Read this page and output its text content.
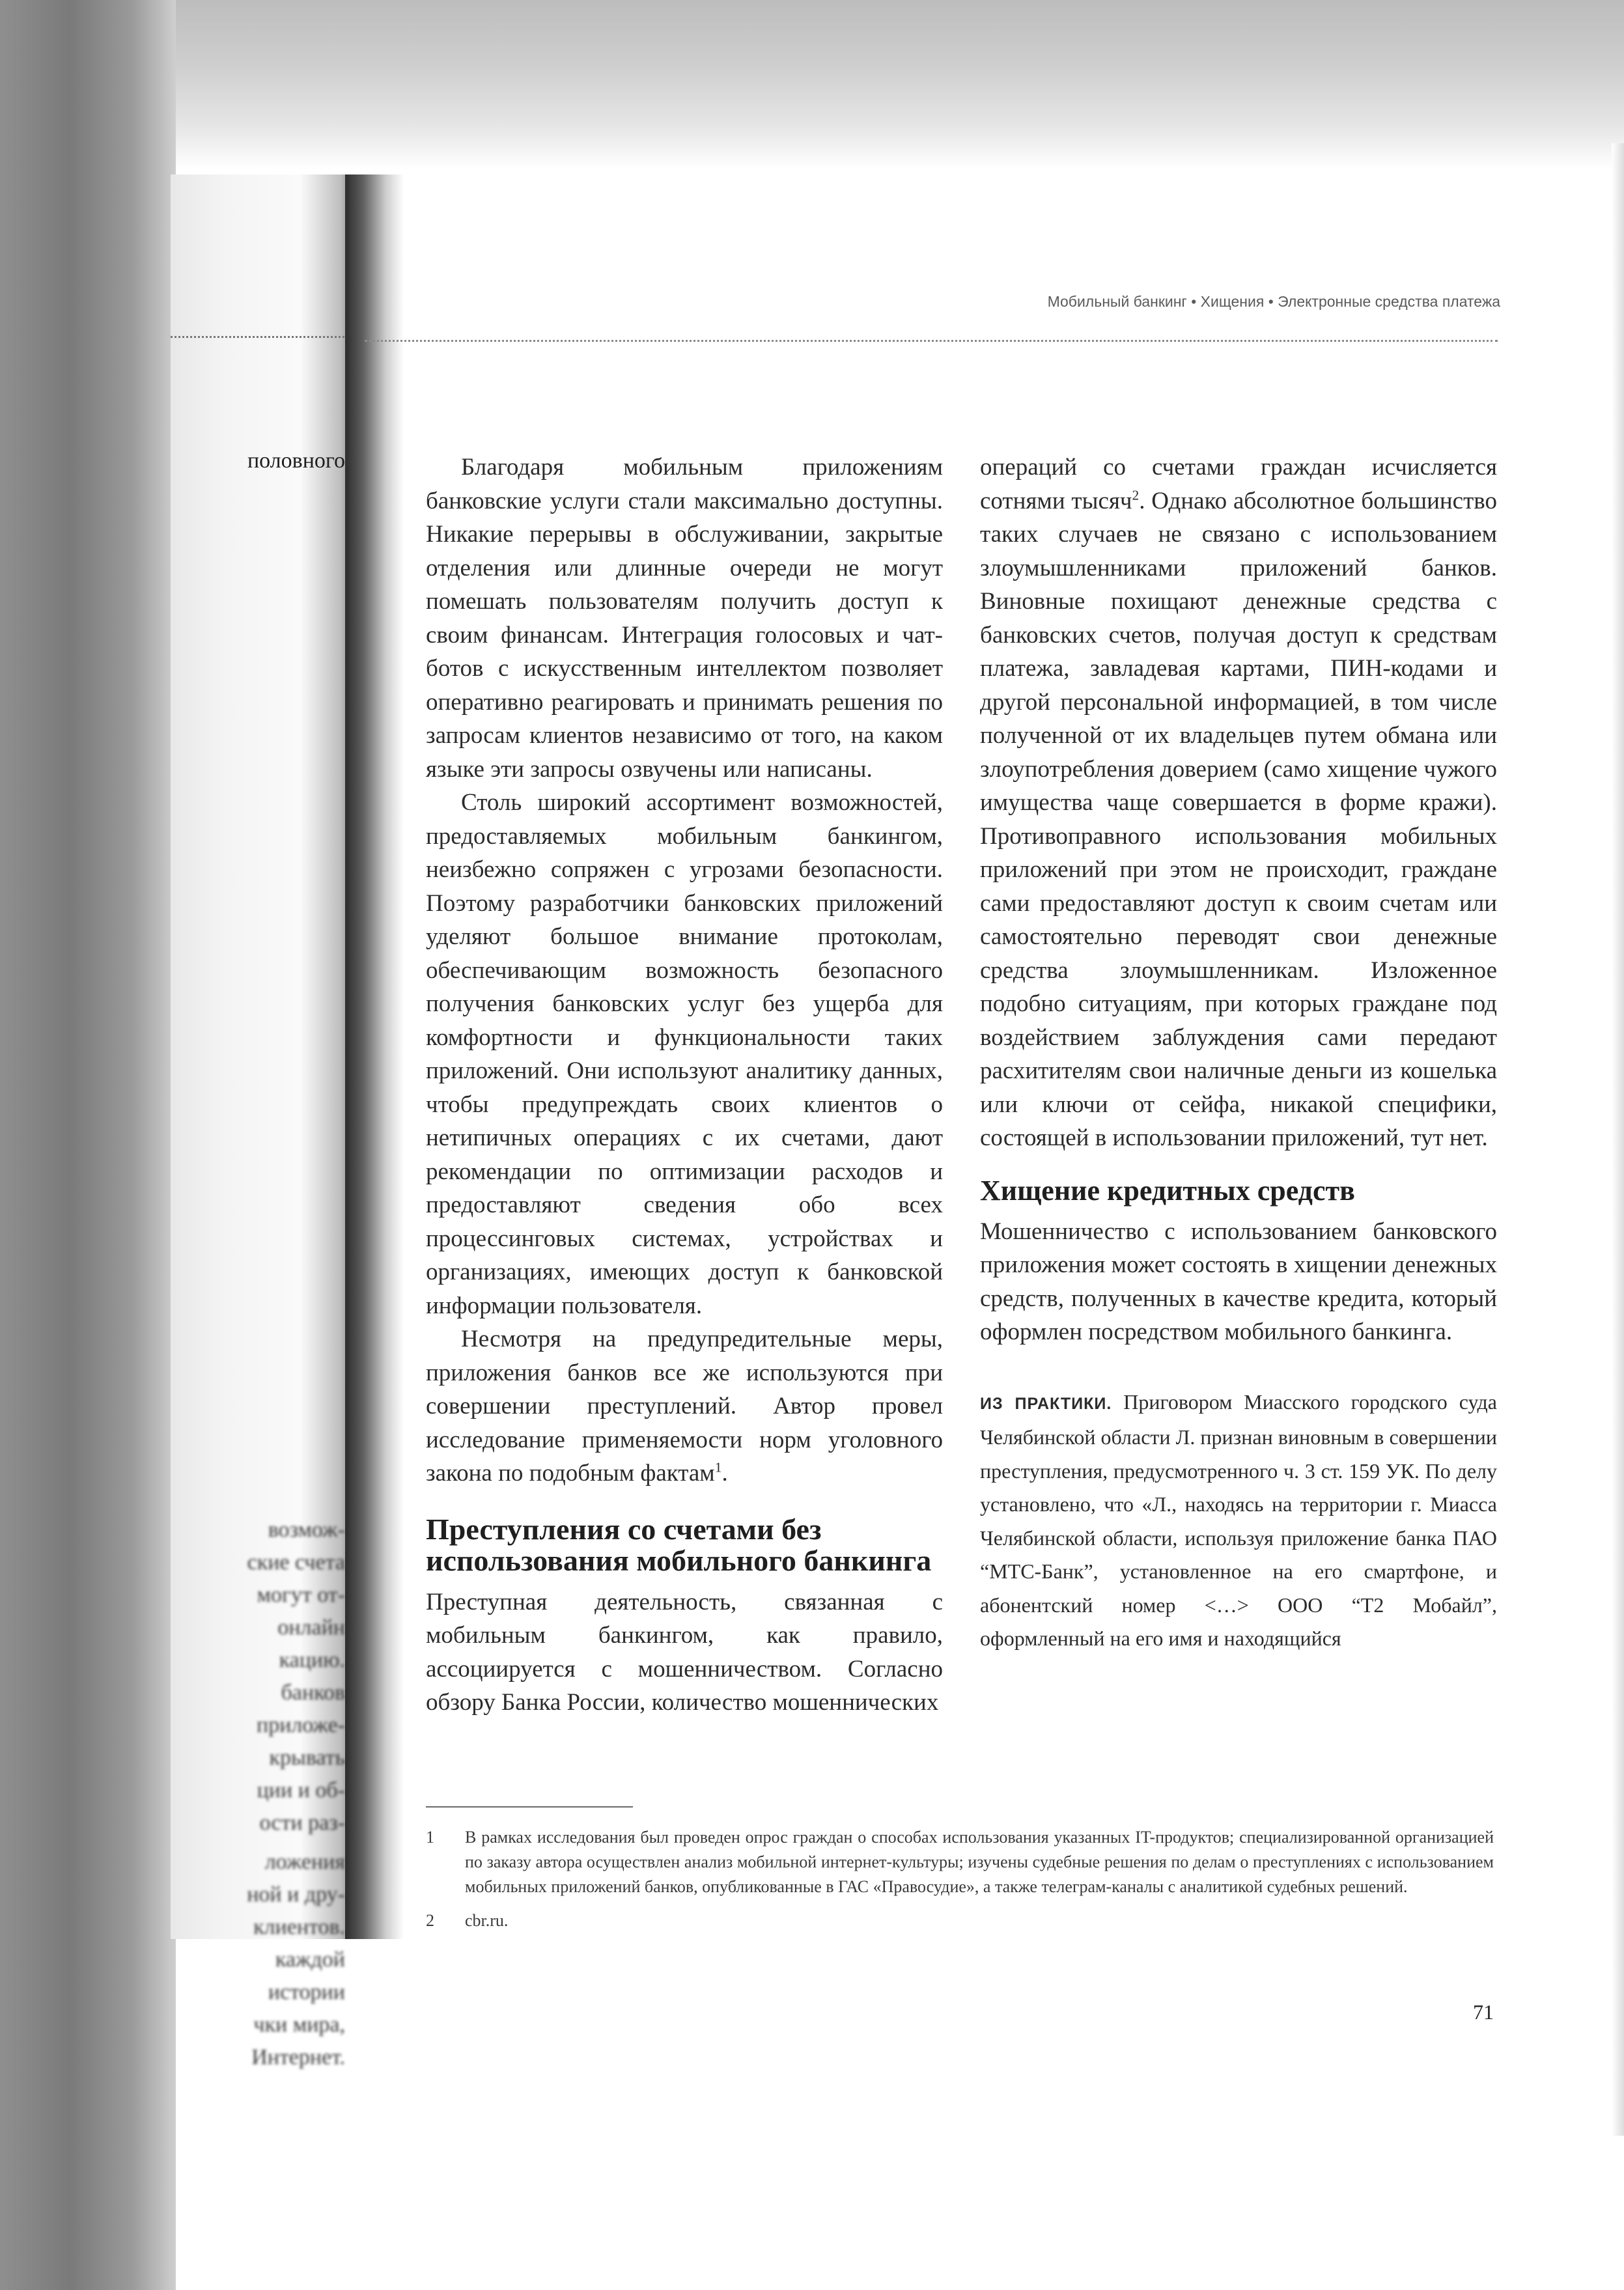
половного
возмож-
ские счета
могут от-
онлайн
кацию.
банков
приложе-
крывать
ции и об-
ости раз-
ложения
ной и дру-
клиентов.
каждой
истории
чки мира,
Интернет.
Мобильный банкинг • Хищения • Электронные средства платежа

Благодаря мобильным приложениям банковские услуги стали максимально доступны. Никакие перерывы в обслуживании, закрытые отделения или длинные очереди не могут помешать пользователям получить доступ к своим финансам. Интеграция голосовых и чат-ботов с искусственным интеллектом позволяет оперативно реагировать и принимать решения по запросам клиентов независимо от того, на каком языке эти запросы озвучены или написаны.

Столь широкий ассортимент возможностей, предоставляемых мобильным банкингом, неизбежно сопряжен с угрозами безопасности. Поэтому разработчики банковских приложений уделяют большое внимание протоколам, обеспечивающим возможность безопасного получения банковских услуг без ущерба для комфортности и функциональности таких приложений. Они используют аналитику данных, чтобы предупреждать своих клиентов о нетипичных операциях с их счетами, дают рекомендации по оптимизации расходов и предоставляют сведения обо всех процессинговых системах, устройствах и организациях, имеющих доступ к банковской информации пользователя.

Несмотря на предупредительные меры, приложения банков все же используются при совершении преступлений. Автор провел исследование применяемости норм уголовного закона по подобным фактам$^1$.

Преступления со счетами без использования мобильного банкинга

Преступная деятельность, связанная с мобильным банкингом, как правило, ассоциируется с мошенничеством. Согласно обзору Банка России, количество мошеннических

операций со счетами граждан исчисляется сотнями тысяч$^2$. Однако абсолютное большинство таких случаев не связано с использованием злоумышленниками приложений банков. Виновные похищают денежные средства с банковских счетов, получая доступ к средствам платежа, завладевая картами, ПИН-кодами и другой персональной информацией, в том числе полученной от их владельцев путем обмана или злоупотребления доверием (само хищение чужого имущества чаще совершается в форме кражи). Противоправного использования мобильных приложений при этом не происходит, граждане сами предоставляют доступ к своим счетам или самостоятельно переводят свои денежные средства злоумышленникам. Изложенное подобно ситуациям, при которых граждане под воздействием заблуждения сами передают расхитителям свои наличные деньги из кошелька или ключи от сейфа, никакой специфики, состоящей в использовании приложений, тут нет.

Хищение кредитных средств

Мошенничество с использованием банковского приложения может состоять в хищении денежных средств, полученных в качестве кредита, который оформлен посредством мобильного банкинга.

ИЗ ПРАКТИКИ. Приговором Миасского городского суда Челябинской области Л. признан виновным в совершении преступления, предусмотренного ч. 3 ст. 159 УК. По делу установлено, что «Л., находясь на территории г. Миасса Челябинской области, используя приложение банка ПАО “МТС-Банк”, установленное на его смартфоне, и абонентский номер <…> ООО “Т2 Мобайл”, оформленный на его имя и находящийся

1	В рамках исследования был проведен опрос граждан о способах использования указанных IT-продуктов; специализированной организацией по заказу автора осуществлен анализ мобильной интернет-культуры; изучены судебные решения по делам о преступлениях с использованием мобильных приложений банков, опубликованные в ГАС «Правосудие», а также телеграм-каналы с аналитикой судебных решений.
2	cbr.ru.
71
